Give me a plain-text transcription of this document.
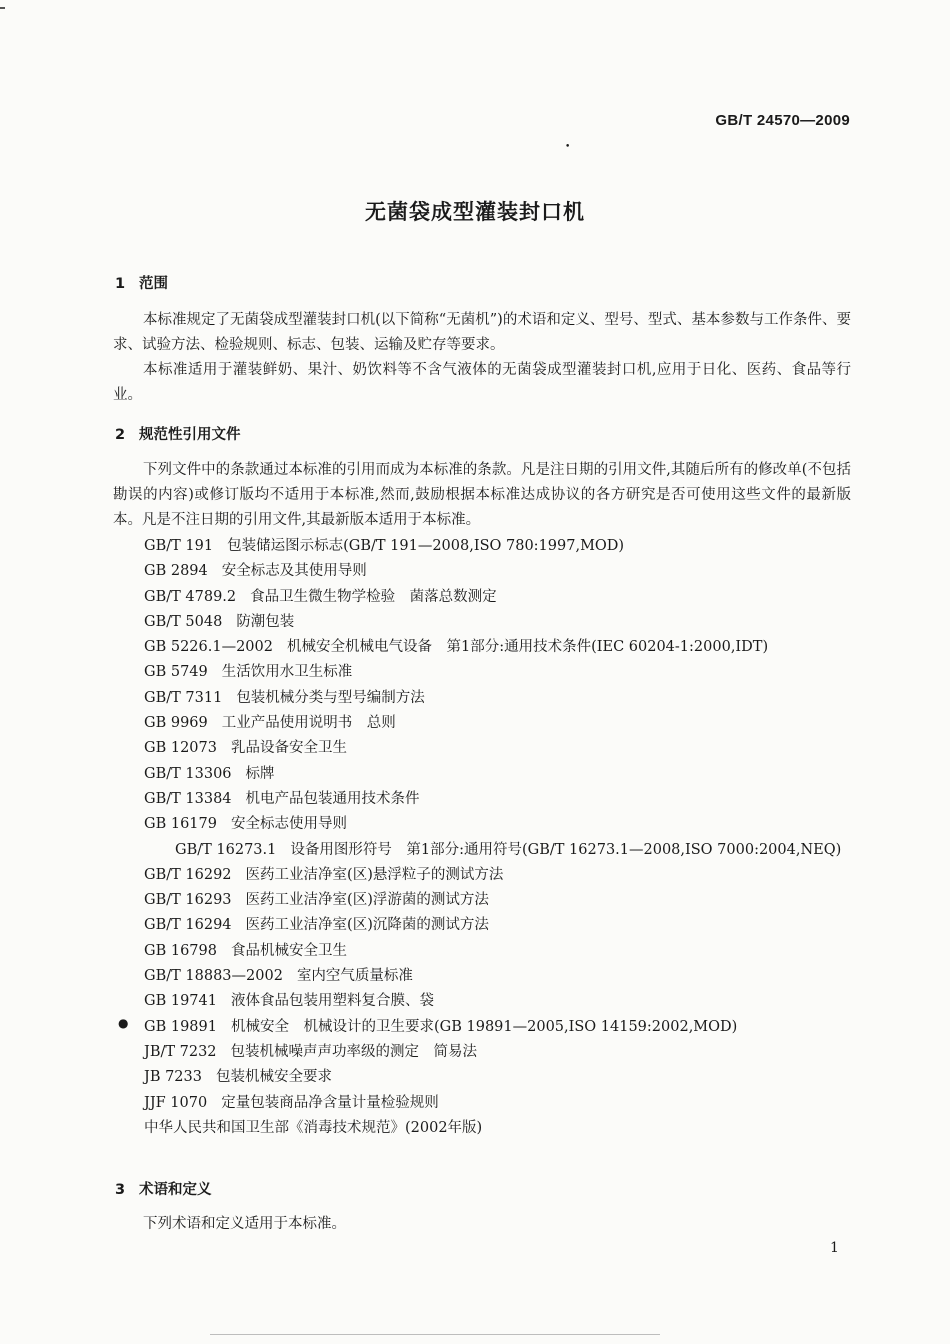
GB/T 24570—2009
•
无菌袋成型灌装封口机
1 范围
本标准规定了无菌袋成型灌装封口机(以下简称“无菌机”)的术语和定义、型号、型式、基本参数与工作条件、要求、试验方法、检验规则、标志、包装、运输及贮存等要求。
本标准适用于灌装鲜奶、果汁、奶饮料等不含气液体的无菌袋成型灌装封口机,应用于日化、医药、食品等行业。
2 规范性引用文件
下列文件中的条款通过本标准的引用而成为本标准的条款。凡是注日期的引用文件,其随后所有的修改单(不包括勘误的内容)或修订版均不适用于本标准,然而,鼓励根据本标准达成协议的各方研究是否可使用这些文件的最新版本。凡是不注日期的引用文件,其最新版本适用于本标准。
●
GB/T 191 包装储运图示标志(GB/T 191—2008,ISO 780:1997,MOD)
GB 2894 安全标志及其使用导则
GB/T 4789.2 食品卫生微生物学检验　菌落总数测定
GB/T 5048 防潮包装
GB 5226.1—2002 机械安全机械电气设备　第1部分:通用技术条件(IEC 60204-1:2000,IDT)
GB 5749 生活饮用水卫生标准
GB/T 7311 包装机械分类与型号编制方法
GB 9969 工业产品使用说明书　总则
GB 12073 乳品设备安全卫生
GB/T 13306 标牌
GB/T 13384 机电产品包装通用技术条件
GB 16179 安全标志使用导则
GB/T 16273.1 设备用图形符号　第1部分:通用符号(GB/T 16273.1—2008,ISO 7000:2004,NEQ)
GB/T 16292 医药工业洁净室(区)悬浮粒子的测试方法
GB/T 16293 医药工业洁净室(区)浮游菌的测试方法
GB/T 16294 医药工业洁净室(区)沉降菌的测试方法
GB 16798 食品机械安全卫生
GB/T 18883—2002 室内空气质量标准
GB 19741 液体食品包装用塑料复合膜、袋
GB 19891 机械安全　机械设计的卫生要求(GB 19891—2005,ISO 14159:2002,MOD)
JB/T 7232 包装机械噪声声功率级的测定　简易法
JB 7233 包装机械安全要求
JJF 1070 定量包装商品净含量计量检验规则
中华人民共和国卫生部《消毒技术规范》(2002年版)
3 术语和定义
下列术语和定义适用于本标准。
1
